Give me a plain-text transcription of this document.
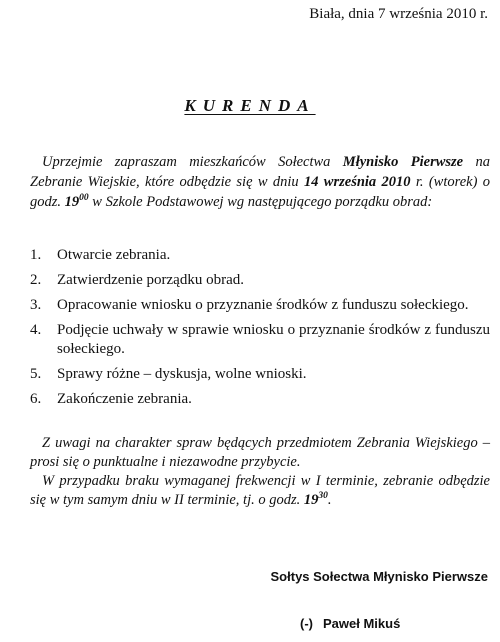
Biała, dnia 7 września 2010 r.
KURENDA

Uprzejmie zapraszam mieszkańców Sołectwa Młynisko Pierwsze na Zebranie Wiejskie, które odbędzie się w dniu 14 września 2010 r. (wtorek) o godz. $19^{00}$ w Szkole Podstawowej wg następującego porządku obrad:

1.	Otwarcie zebrania.
2.	Zatwierdzenie porządku obrad.
3.	Opracowanie wniosku o przyznanie środków z funduszu sołeckiego.
4.	Podjęcie uchwały w sprawie wniosku o przyznanie środków z funduszu sołeckiego.
5.	Sprawy różne – dyskusja, wolne wnioski.
6.	Zakończenie zebrania.

Z uwagi na charakter spraw będących przedmiotem Zebrania Wiejskiego – prosi się o punktualne i niezawodne przybycie.

W przypadku braku wymaganej frekwencji w I terminie, zebranie odbędzie się w tym samym dniu w II terminie, tj. o godz. $19^{30}$.

Sołtys Sołectwa Młynisko Pierwsze
(-) Paweł Mikuś
